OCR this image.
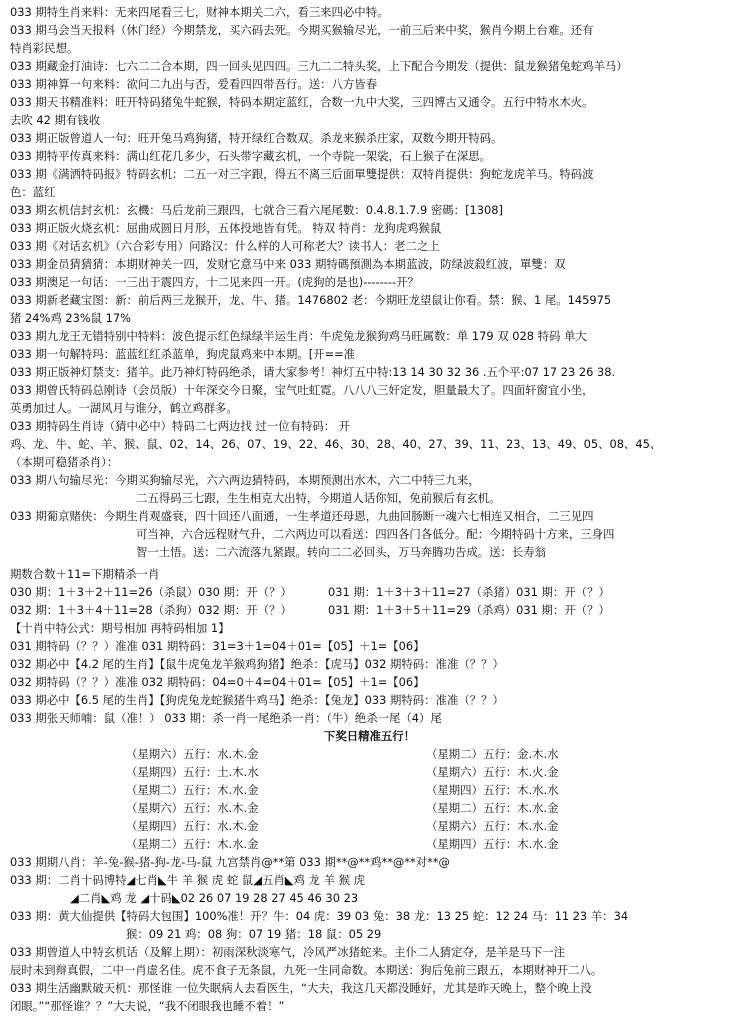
033 期特生肖来料：无来四尾看三七，财神本期关二六，看三来四必中特。
033 期马会当天报料（休门经）今期禁龙，买六码去死。今期买猴输尽光，一前三后来中奖，猴肖今期上台难。还有
特肖彩民想。
033 期藏金打油诗：七六二二合本期，四一回头见四四。三九二二特头奖，上下配合今期发（提供：鼠龙猴猪兔蛇鸡羊马）
033 期神算一句来料：欲问二九出与否，爱看四四带吾行。送：八方皆春
033 期天书精准料：旺开特码猪兔牛蛇猴，特码本期定蓝红，合数一九中大奖，三四博古又通令。五行中特水木火。
去吹 42 期有钱收
033 期正版曾道人一句：旺开兔马鸡狗猪，特开绿红合数双。杀龙来猴杀庄家，双数今期开特码。
033 期特平传真来料：满山红花几多少，石头带字藏玄机，一个寺院一架裟，石上猴子在深思。
033 期《满洒特码报》特码玄机：二五一对三字跟，得五不离三后面單雙提供：双特肖提供：狗蛇龙虎羊马。特码波
色：蓝红
033 期玄机信封玄机：玄機：马后龙前三跟四，七就合三看六尾尾數：0.4.8.1.7.9 密碼：[1308]
033 期正版火烧玄机：屈曲成圆日月形，五体投地皆有凭。 特双 特肖：龙狗虎鸡猴鼠
033 期《对话玄机》（六合彩专用）问路汉：什么样的人可称老大？读书人：老二之上
033 期金员猜猜猜：本期财神关一四，发财它意马中来 033 期特碼預測為本期蓝波，防绿波殺红波，單雙：双
033 期澳足一句话：一三出于震四方，十二见来四一开。(虎狗的是也)--------开？
033 期新老藏宝图：新：前后两三龙猴开，龙、牛、猪。1476802 老：今期旺龙望鼠让你看。禁：猴、1 尾。145975
猪 24%鸡 23%鼠 17%
033 期九龙王无错特别中特料：波色提示红色绿绿半运生肖：牛虎兔龙猴狗鸡马旺属数：单 179 双 028 特码 单大
033 期一句解特玛：蓝蓝红红杀蓝单，狗虎鼠鸡来中本期。[开==准
033 期正版神灯禁支：猪羊。此乃神灯特码绝杀，请大家参考！神灯五中特:13 14 30 32 36 .五个平:07 17 23 26 38.
033 期曾氏特码总刚诗（会员版）十年深交今日聚，宝气吐虹霓。八八八三奸定发，胆量最大了。四面轩窗宜小坐，
英勇加过人。一湖风月与谁分，鹤立鸡群多。
033 期特码生肖诗（猜中必中）特码二七两边找 过一位有特码： 开
鸡、龙、牛、蛇、羊、猴、鼠、02、14、26、07、19、22、46、30、28、40、27、39、11、23、13、49、05、08、45、
（本期可稳猪杀肖）：
033 期八句输尽光：今期买狗输尽光，六六两边猜特码，本期预测出水木，六二中特三九来，
二五得码三七跟，生生相克大出特，今期道人话你知，免前猴后有玄机。
033 期葡京赌侠：今期生肖观盛衰，四十回还八面通，一生孝道还母恩，九曲回肠断一魂六七相连又相合，二三见四
可当神，六合远程财气升，二六两边可以看送：四四各门各低分。配：今期特码十方来，三身四
智一土悟。送：二六流落九紧跟。转向二二必回头，万马奔腾功告成。送：长寿翁
期数合数＋11=下期精杀一肖
030 期：1＋3＋2＋11=26（杀鼠）030 期：开（？）	031 期：1＋3＋3＋11=27（杀猪）031 期：开（？）
032 期：1＋3＋4＋11=28（杀狗）032 期：开（？）	031 期：1＋3＋5＋11=29（杀鸡）031 期：开（？）
【十肖中特公式：期号相加 再特码相加 1】
031 期特码（？？）准准 031 期特码：31=3＋1=04＋01=【05】＋1=【06】
032 期必中【4.2 尾的生肖】【鼠牛虎兔龙羊猴鸡狗猪】绝杀：【虎马】032 期特码：准准（？？）
032 期特码（？？）准准 032 期特码：04=0＋4=04＋01=【05】＋1=【06】
033 期必中【6.5 尾的生肖】【狗虎兔龙蛇猴猪牛鸡马】绝杀：【兔龙】033 期特码：准准（？？）
033 期张天师喃：鼠（准！） 033 期：杀一肖一尾绝杀一肖：（牛）绝杀一尾（4）尾
下奖日精准五行！
（星期六）五行：水.木.金	（星期二）五行：金.木.水
（星期四）五行：土.木.水	（星期六）五行：木.火.金
（星期二）五行：木.水.金	（星期四）五行：木.水.水
（星期六）五行：水.木.金	（星期二）五行：木.水.金
（星期四）五行：水.木.金	（星期六）五行：木.水.金
（星期二）五行：木.水.金	（星期四）五行：木.水.金
033 期期八肖：羊-兔-猴-猪-狗-龙-马-鼠 九宫禁肖@**第 033 期**@**鸡**@**对**@
033 期：二肖十码博特◢七肖◣牛 羊 猴 虎 蛇 鼠◢五肖◣鸡 龙 羊 猴 虎
◢二肖◣鸡 龙 ◢十码◣02 26 07 19 28 27 45 46 30 23
033 期：黄大仙提供【特码大包围】100%准！开？牛：04 虎：39 03 兔：38 龙：13 25 蛇：12 24 马：11 23 羊：34
猴：09 21 鸡：08 狗：07 19 猪：18 鼠：05 29
033 期曾道人中特玄机话（及解上期）：初雨深秋淡寒气，冷风严冰猪蛇来。主仆二人猜定夺，是羊是马下一注
辰时未到辩真假，二中一肖虚名佳。虎不食子无条鼠，九死一生同命数。本期送：狗后兔前三跟五，本期财神开二八。
033 期生活幽默破天机：那怪谁 一位失眠病人去看医生，“大夫，我这几天都没睡好，尤其是昨天晚上，整个晚上没
闭眼。”“那怪谁？？”大夫说，“我不闭眼我也睡不着！”
